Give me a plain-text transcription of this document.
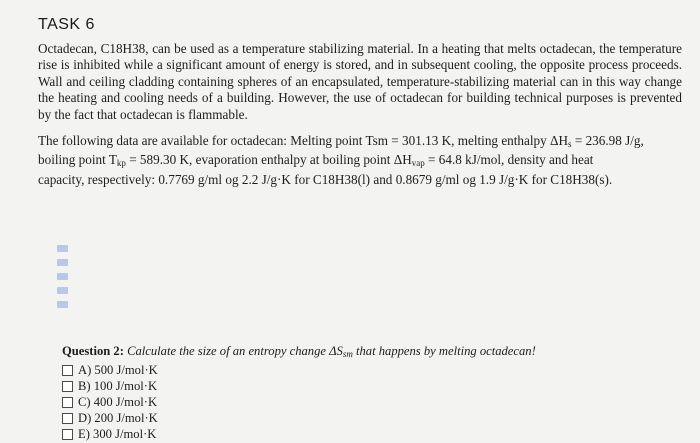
TASK 6
Octadecan, C18H38, can be used as a temperature stabilizing material. In a heating that melts octadecan, the temperature rise is inhibited while a significant amount of energy is stored, and in subsequent cooling, the opposite process proceeds. Wall and ceiling cladding containing spheres of an encapsulated, temperature-stabilizing material can in this way change the heating and cooling needs of a building. However, the use of octadecan for building technical purposes is prevented by the fact that octadecan is flammable.
The following data are available for octadecan: Melting point Tsm = 301.13 K, melting enthalpy $\Delta H_s = 236.98$ J/g,
boiling point $T_{kp} = 589.30$ K, evaporation enthalpy at boiling point $\Delta H_{vap} = 64.8$ kJ/mol, density and heat
capacity, respectively: 0.7769 g/ml og 2.2 J/g·K for C18H38(l) and 0.8679 g/ml og 1.9 J/g·K for C18H38(s).
Question 2: Calculate the size of an entropy change ΔSsm that happens by melting octadecan!
A) 500 J/mol·K
B) 100 J/mol·K
C) 400 J/mol·K
D) 200 J/mol·K
E) 300 J/mol·K
